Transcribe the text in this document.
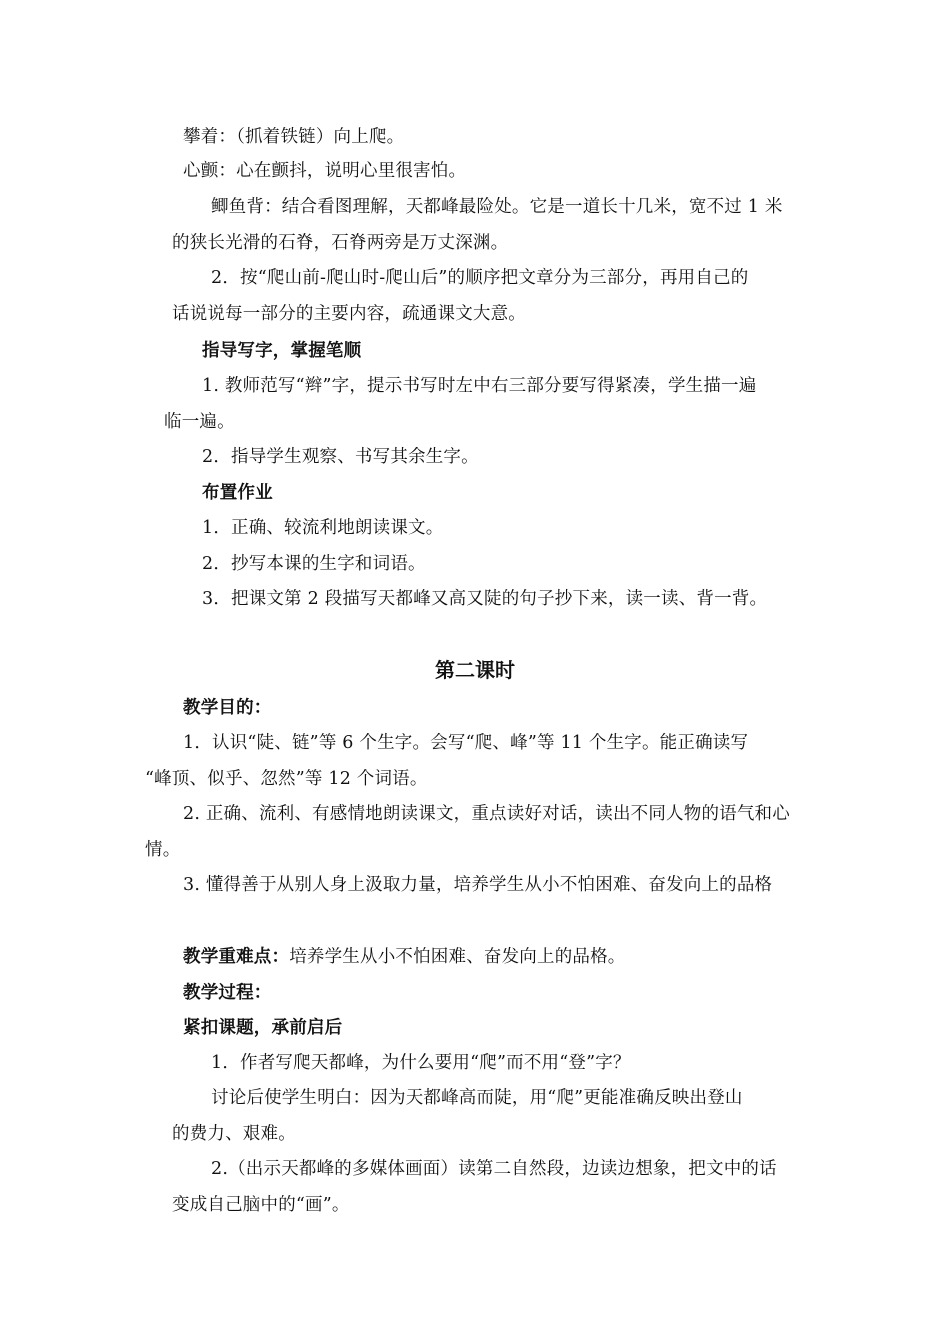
攀着：（抓着铁链）向上爬。
心颤：心在颤抖，说明心里很害怕。
鲫鱼背：结合看图理解，天都峰最险处。它是一道长十几米，宽不过 1 米
的狭长光滑的石脊，石脊两旁是万丈深渊。
2．按“爬山前-爬山时-爬山后”的顺序把文章分为三部分，再用自己的
话说说每一部分的主要内容，疏通课文大意。
指导写字，掌握笔顺
1. 教师范写“辫”字，提示书写时左中右三部分要写得紧凑，学生描一遍
临一遍。
2．指导学生观察、书写其余生字。
布置作业
1．正确、较流利地朗读课文。
2．抄写本课的生字和词语。
3．把课文第 2 段描写天都峰又高又陡的句子抄下来，读一读、背一背。
第二课时
教学目的：
1．认识“陡、链”等 6 个生字。会写“爬、峰”等 11 个生字。能正确读写
“峰顶、似乎、忽然”等 12 个词语。
2. 正确、流利、有感情地朗读课文，重点读好对话，读出不同人物的语气和心
情。
3. 懂得善于从别人身上汲取力量，培养学生从小不怕困难、奋发向上的品格
教学重难点：培养学生从小不怕困难、奋发向上的品格。
教学过程：
紧扣课题，承前启后
1．作者写爬天都峰，为什么要用“爬”而不用“登”字？
讨论后使学生明白：因为天都峰高而陡，用“爬”更能准确反映出登山
的费力、艰难。
2.（出示天都峰的多媒体画面）读第二自然段，边读边想象，把文中的话
变成自己脑中的“画”。
